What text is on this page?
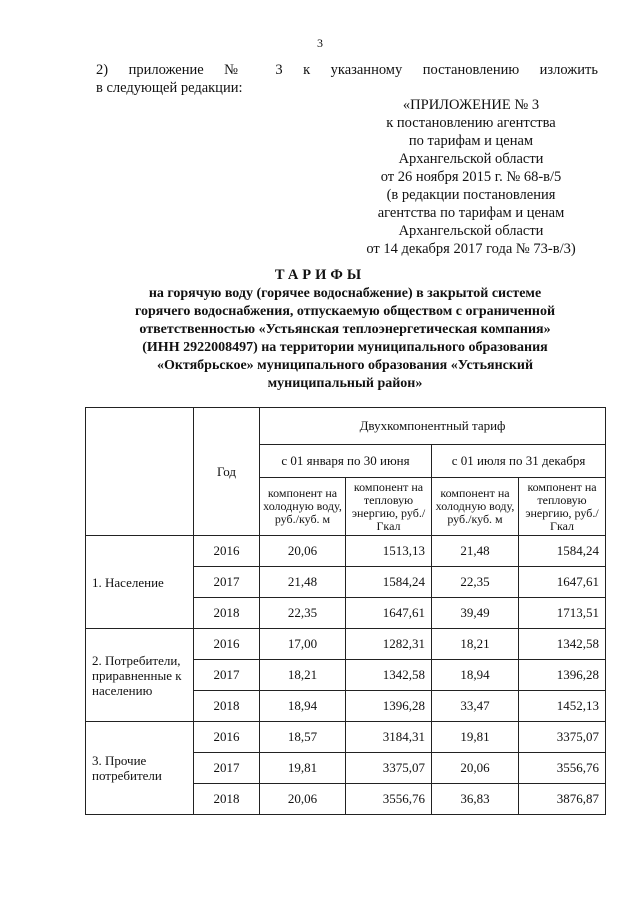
3
2) приложение № 3 к указанному постановлению изложить
в следующей редакции:
«ПРИЛОЖЕНИЕ № 3
к постановлению агентства
по тарифам и ценам
Архангельской области
от 26 ноября 2015 г. № 68-в/5
(в редакции постановления
агентства по тарифам и ценам
Архангельской области
от 14 декабря 2017 года № 73-в/3)
ТАРИФЫ
на горячую воду (горячее водоснабжение) в закрытой системе
горячего водоснабжения, отпускаемую обществом с ограниченной
ответственностью «Устьянская теплоэнергетическая компания»
(ИНН 2922008497) на территории муниципального образования
«Октябрьское» муниципального образования «Устьянский
муниципальный район»
	Год	Двухкомпонентный тариф			
		с 01 января по 30 июня		с 01 июля по 31 декабря	
		компонент на холодную воду, руб./куб. м	компонент на тепловую энергию, руб./Гкал	компонент на холодную воду, руб./куб. м	компонент на тепловую энергию, руб./Гкал
1. Население	2016	20,06	1513,13	21,48	1584,24
	2017	21,48	1584,24	22,35	1647,61
	2018	22,35	1647,61	39,49	1713,51
2. Потребители, приравненные к населению	2016	17,00	1282,31	18,21	1342,58
	2017	18,21	1342,58	18,94	1396,28
	2018	18,94	1396,28	33,47	1452,13
3. Прочие потребители	2016	18,57	3184,31	19,81	3375,07
	2017	19,81	3375,07	20,06	3556,76
	2018	20,06	3556,76	36,83	3876,87
